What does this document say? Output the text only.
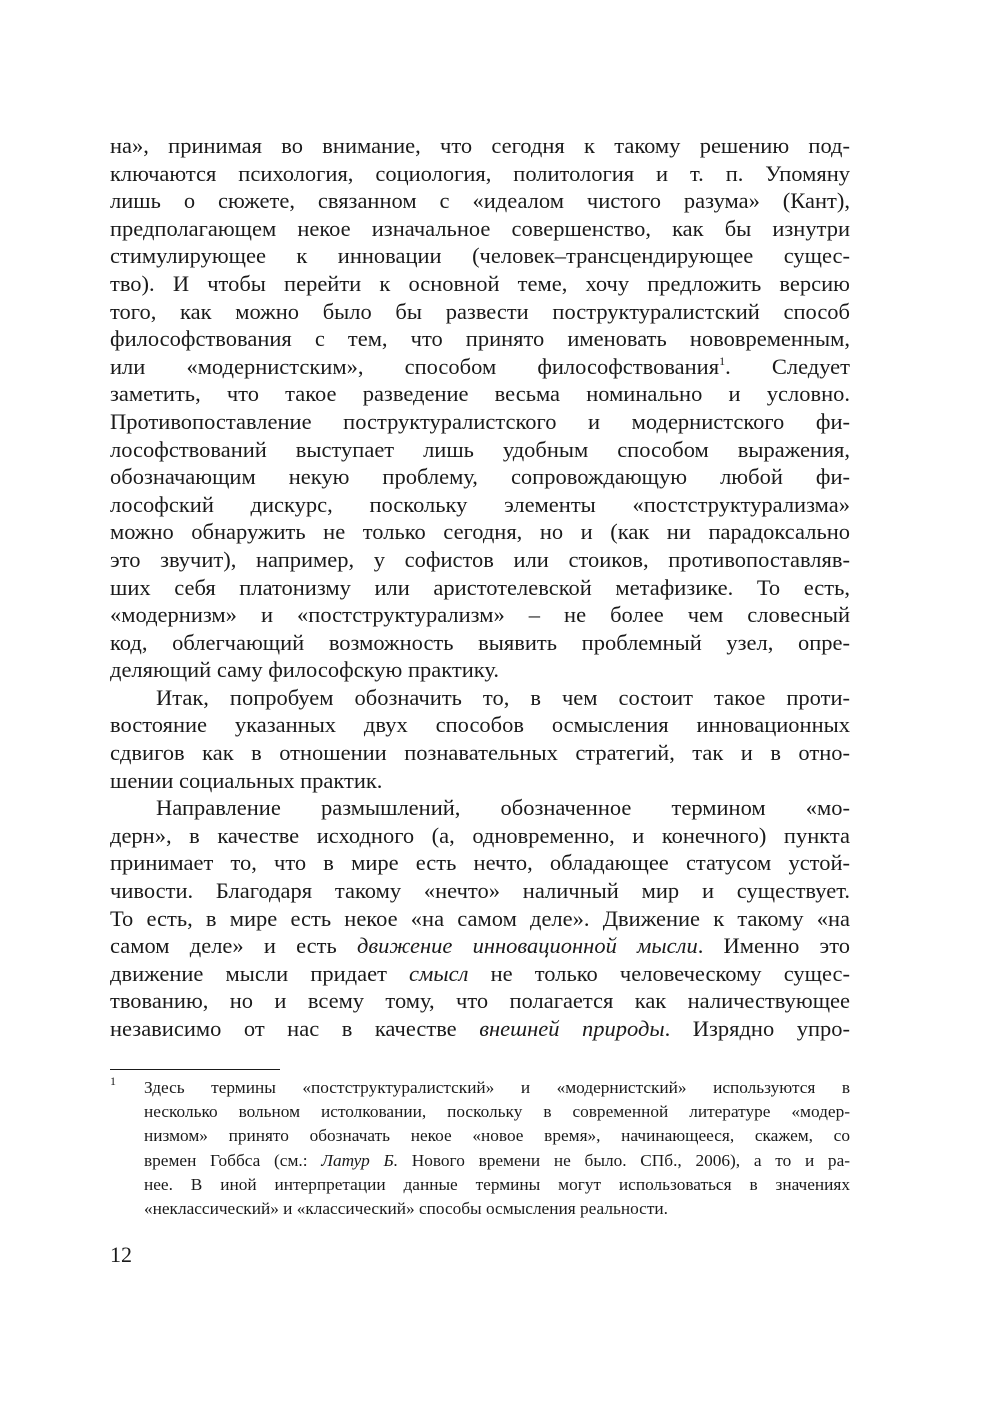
на», принимая во внимание, что сегодня к такому решению под-
ключаются психология, социология, политология и т. п. Упомяну
лишь о сюжете, связанном с «идеалом чистого разума» (Кант),
предполагающем некое изначальное совершенство, как бы изнутри
стимулирующее к инновации (человек–трансцендирующее сущес-
тво). И чтобы перейти к основной теме, хочу предложить версию
того, как можно было бы развести поструктуралистский способ
философствования с тем, что принято именовать нововременным,
или «модернистским», способом философствования$^1$. Следует
заметить, что такое разведение весьма номинально и условно.
Противопоставление поструктуралистского и модернистского фи-
лософствований выступает лишь удобным способом выражения,
обозначающим некую проблему, сопровождающую любой фи-
лософский дискурс, поскольку элементы «постструктурализма»
можно обнаружить не только сегодня, но и (как ни парадоксально
это звучит), например, у софистов или стоиков, противопоставляв-
ших себя платонизму или аристотелевской метафизике. То есть,
«модернизм» и «постструктурализм» – не более чем словесный
код, облегчающий возможность выявить проблемный узел, опре-
деляющий саму философскую практику.
Итак, попробуем обозначить то, в чем состоит такое проти-
востояние указанных двух способов осмысления инновационных
сдвигов как в отношении познавательных стратегий, так и в отно-
шении социальных практик.
Направление размышлений, обозначенное термином «мо-
дерн», в качестве исходного (а, одновременно, и конечного) пункта
принимает то, что в мире есть нечто, обладающее статусом устой-
чивости. Благодаря такому «нечто» наличный мир и существует.
То есть, в мире есть некое «на самом деле». Движение к такому «на
самом деле» и есть движение инновационной мысли. Именно это
движение мысли придает смысл не только человеческому сущес-
твованию, но и всему тому, что полагается как наличествующее
независимо от нас в качестве внешней природы. Изрядно упро-
1 Здесь термины «постструктуралистский» и «модернистский» используются в
несколько вольном истолковании, поскольку в современной литературе «модер-
низмом» принято обозначать некое «новое время», начинающееся, скажем, со
времен Гоббса (см.: Латур Б. Нового времени не было. СПб., 2006), а то и ра-
нее. В иной интерпретации данные термины могут использоваться в значениях
«неклассический» и «классический» способы осмысления реальности.
12
